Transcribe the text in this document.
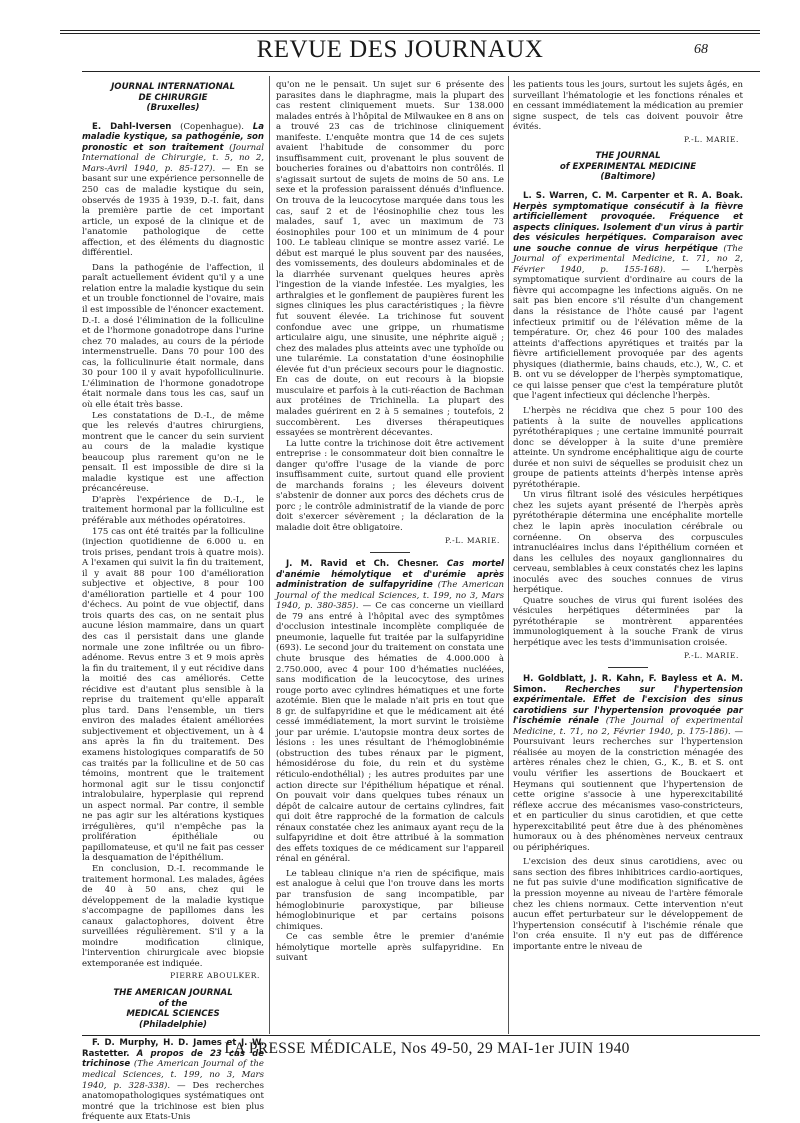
REVUE DES JOURNAUX	68
JOURNAL INTERNATIONAL
DE CHIRURGIE
(Bruxelles)

E. Dahl-Iversen (Copenhague). La maladie kystique, sa pathogénie, son pronostic et son traitement (Journal International de Chirurgie, t. 5, no 2, Mars-Avril 1940, p. 85-127). — En se basant sur une expérience personnelle de 250 cas de maladie kystique du sein, observés de 1935 à 1939, D.-I. fait, dans la première partie de cet important article, un exposé de la clinique et de l'anatomie pathologique de cette affection, et des éléments du diagnostic différentiel.

Dans la pathogénie de l'affection, il paraît actuellement évident qu'il y a une relation entre la maladie kystique du sein et un trouble fonctionnel de l'ovaire, mais il est impossible de l'énoncer exactement. D.-I. a dosé l'élimination de la folliculine et de l'hormone gonadotrope dans l'urine chez 70 malades, au cours de la période intermenstruelle. Dans 70 pour 100 des cas, la folliculinurie était normale, dans 30 pour 100 il y avait hypofolliculinurie. L'élimination de l'hormone gonadotrope était normale dans tous les cas, sauf un où elle était très basse.

Les constatations de D.-I., de même que les relevés d'autres chirurgiens, montrent que le cancer du sein survient au cours de la maladie kystique beaucoup plus rarement qu'on ne le pensait. Il est impossible de dire si la maladie kystique est une affection précancéreuse.

D'après l'expérience de D.-I., le traitement hormonal par la folliculine est préférable aux méthodes opératoires.

175 cas ont été traités par la folliculine (injection quotidienne de 6.000 u. en trois prises, pendant trois à quatre mois). A l'examen qui suivit la fin du traitement, il y avait 88 pour 100 d'amélioration subjective et objective, 8 pour 100 d'amélioration partielle et 4 pour 100 d'échecs. Au point de vue objectif, dans trois quarts des cas, on ne sentait plus aucune lésion mammaire, dans un quart des cas il persistait dans une glande normale une zone infiltrée ou un fibro-adénome. Revus entre 3 et 9 mois après la fin du traitement, il y eut récidive dans la moitié des cas améliorés. Cette récidive est d'autant plus sensible à la reprise du traitement qu'elle apparaît plus tard. Dans l'ensemble, un tiers environ des malades étaient améliorées subjectivement et objectivement, un à 4 ans après la fin du traitement. Des examens histologiques comparatifs de 50 cas traités par la folliculine et de 50 cas témoins, montrent que le traitement hormonal agit sur le tissu conjonctif intralobulaire, hyperplasie qui reprend un aspect normal. Par contre, il semble ne pas agir sur les altérations kystiques irrégulières, qu'il n'empêche pas la prolifération épithéliale ou papillomateuse, et qu'il ne fait pas cesser la desquamation de l'épithélium.

En conclusion, D.-I. recommande le traitement hormonal. Les malades, âgées de 40 à 50 ans, chez qui le développement de la maladie kystique s'accompagne de papillomes dans les canaux galactophores, doivent être surveillées régulièrement. S'il y a la moindre modification clinique, l'intervention chirurgicale avec biopsie extemporanée est indiquée.

PIERRE ABOULKER.
THE AMERICAN JOURNAL
of the
MEDICAL SCIENCES
(Philadelphie)

F. D. Murphy, H. D. James et J. W. Rastetter. A propos de 23 cas de trichinose (The American Journal of the medical Sciences, t. 199, no 3, Mars 1940, p. 328-338). — Des recherches anatomopathologiques systématiques ont montré que la trichinose est bien plus fréquente aux Etats-Unis

qu'on ne le pensait. Un sujet sur 6 présente des parasites dans le diaphragme, mais la plupart des cas restent cliniquement muets. Sur 138.000 malades entrés à l'hôpital de Milwaukee en 8 ans on a trouvé 23 cas de trichinose cliniquement manifeste. L'enquête montra que 14 de ces sujets avaient l'habitude de consommer du porc insuffisamment cuit, provenant le plus souvent de boucheries foraines ou d'abattoirs non contrôlés. Il s'agissait surtout de sujets de moins de 50 ans. Le sexe et la profession paraissent dénués d'influence. On trouva de la leucocytose marquée dans tous les cas, sauf 2 et de l'éosinophilie chez tous les malades, sauf 1, avec un maximum de 73 éosinophiles pour 100 et un minimum de 4 pour 100. Le tableau clinique se montre assez varié. Le début est marqué le plus souvent par des nausées, des vomissements, des douleurs abdominales et de la diarrhée survenant quelques heures après l'ingestion de la viande infestée. Les myalgies, les arthralgies et le gonflement de paupières furent les signes cliniques les plus caractéristiques ; la fièvre fut souvent élevée. La trichinose fut souvent confondue avec une grippe, un rhumatisme articulaire aigu, une sinusite, une néphrite aiguë ; chez des malades plus atteints avec une typhoïde ou une tularémie. La constatation d'une éosinophilie élevée fut d'un précieux secours pour le diagnostic. En cas de doute, on eut recours à la biopsie musculaire et parfois à la cuti-réaction de Bachman aux protéines de Trichinella. La plupart des malades guérirent en 2 à 5 semaines ; toutefois, 2 succombèrent. Les diverses thérapeutiques essayées se montrèrent décevantes.

La lutte contre la trichinose doit être activement entreprise : le consommateur doit bien connaître le danger qu'offre l'usage de la viande de porc insuffisamment cuite, surtout quand elle provient de marchands forains ; les éleveurs doivent s'abstenir de donner aux porcs des déchets crus de porc ; le contrôle administratif de la viande de porc doit s'exercer sévèrement ; la déclaration de la maladie doit être obligatoire.

P.-L. MARIE.

J. M. Ravid et Ch. Chesner. Cas mortel d'anémie hémolytique et d'urémie après administration de sulfapyridine (The American Journal of the medical Sciences, t. 199, no 3, Mars 1940, p. 380-385). — Ce cas concerne un vieillard de 79 ans entré à l'hôpital avec des symptômes d'occlusion intestinale incomplète compliquée de pneumonie, laquelle fut traitée par la sulfapyridine (693). Le second jour du traitement on constata une chute brusque des hématies de 4.000.000 à 2.750.000, avec 4 pour 100 d'hématies nucléées, sans modification de la leucocytose, des urines rouge porto avec cylindres hématiques et une forte azotémie. Bien que le malade n'ait pris en tout que 8 gr. de sulfapyridine et que le médicament ait été cessé immédiatement, la mort survint le troisième jour par urémie. L'autopsie montra deux sortes de lésions : les unes résultant de l'hémoglobinémie (obstruction des tubes rénaux par le pigment, hémosidérose du foie, du rein et du système réticulo-endothélial) ; les autres produites par une action directe sur l'épithélium hépatique et rénal. On pouvait voir dans quelques tubes rénaux un dépôt de calcaire autour de certains cylindres, fait qui doit être rapproché de la formation de calculs rénaux constatée chez les animaux ayant reçu de la sulfapyridine et doit être attribué à la sommation des effets toxiques de ce médicament sur l'appareil rénal en général.

Le tableau clinique n'a rien de spécifique, mais est analogue à celui que l'on trouve dans les morts par transfusion de sang incompatible, par hémoglobinurie paroxystique, par bilieuse hémoglobinurique et par certains poisons chimiques.

Ce cas semble être le premier d'anémie hémolytique mortelle après sulfapyridine. En suivant

les patients tous les jours, surtout les sujets âgés, en surveillant l'hématologie et les fonctions rénales et en cessant immédiatement la médication au premier signe suspect, de tels cas doivent pouvoir être évités.

P.-L. MARIE.
THE JOURNAL
of EXPERIMENTAL MEDICINE
(Baltimore)

L. S. Warren, C. M. Carpenter et R. A. Boak. Herpès symptomatique consécutif à la fièvre artificiellement provoquée. Fréquence et aspects cliniques. Isolement d'un virus à partir des vésicules herpétiques. Comparaison avec une souche connue de virus herpétique (The Journal of experimental Medicine, t. 71, no 2, Février 1940, p. 155-168). — L'herpès symptomatique survient d'ordinaire au cours de la fièvre qui accompagne les infections aiguës. On ne sait pas bien encore s'il résulte d'un changement dans la résistance de l'hôte causé par l'agent infectieux primitif ou de l'élévation même de la température. Or, chez 46 pour 100 des malades atteints d'affections apyrétiques et traités par la fièvre artificiellement provoquée par des agents physiques (diathermie, bains chauds, etc.), W., C. et B. ont vu se développer de l'herpès symptomatique, ce qui laisse penser que c'est la température plutôt que l'agent infectieux qui déclenche l'herpès.

L'herpès ne récidiva que chez 5 pour 100 des patients à la suite de nouvelles applications pyrétothérapiques ; une certaine immunité pourrait donc se développer à la suite d'une première atteinte. Un syndrome encéphalitique aigu de courte durée et non suivi de séquelles se produisit chez un groupe de patients atteints d'herpès intense après pyrétothérapie.

Un virus filtrant isolé des vésicules herpétiques chez les sujets ayant présenté de l'herpès après pyrétothérapie détermina une encéphalite mortelle chez le lapin après inoculation cérébrale ou cornéenne. On observa des corpuscules intranucléaires inclus dans l'épithélium cornéen et dans les cellules des noyaux ganglionnaires du cerveau, semblables à ceux constatés chez les lapins inoculés avec des souches connues de virus herpétique.

Quatre souches de virus qui furent isolées des vésicules herpétiques déterminées par la pyrétothérapie se montrèrent apparentées immunologiquement à la souche Frank de virus herpétique avec les tests d'immunisation croisée.

P.-L. MARIE.

H. Goldblatt, J. R. Kahn, F. Bayless et A. M. Simon. Recherches sur l'hypertension expérimentale. Effet de l'excision des sinus carotidiens sur l'hypertension provoquée par l'ischémie rénale (The Journal of experimental Medicine, t. 71, no 2, Février 1940, p. 175-186). — Poursuivant leurs recherches sur l'hypertension réalisée au moyen de la constriction ménagée des artères rénales chez le chien, G., K., B. et S. ont voulu vérifier les assertions de Bouckaert et Heymans qui soutiennent que l'hypertension de cette origine s'associe à une hyperexcitabilité réflexe accrue des mécanismes vaso-constricteurs, et en particulier du sinus carotidien, et que cette hyperexcitabilité peut être due à des phénomènes humoraux ou à des phénomènes nerveux centraux ou périphériques.

L'excision des deux sinus carotidiens, avec ou sans section des fibres inhibitrices cardio-aortiques, ne fut pas suivie d'une modification significative de la pression moyenne au niveau de l'artère fémorale chez les chiens normaux. Cette intervention n'eut aucun effet perturbateur sur le développement de l'hypertension consécutif à l'ischémie rénale que l'on créa ensuite. Il n'y eut pas de différence importante entre le niveau de

LA PRESSE MÉDICALE, Nos 49-50, 29 MAI-1er JUIN 1940
